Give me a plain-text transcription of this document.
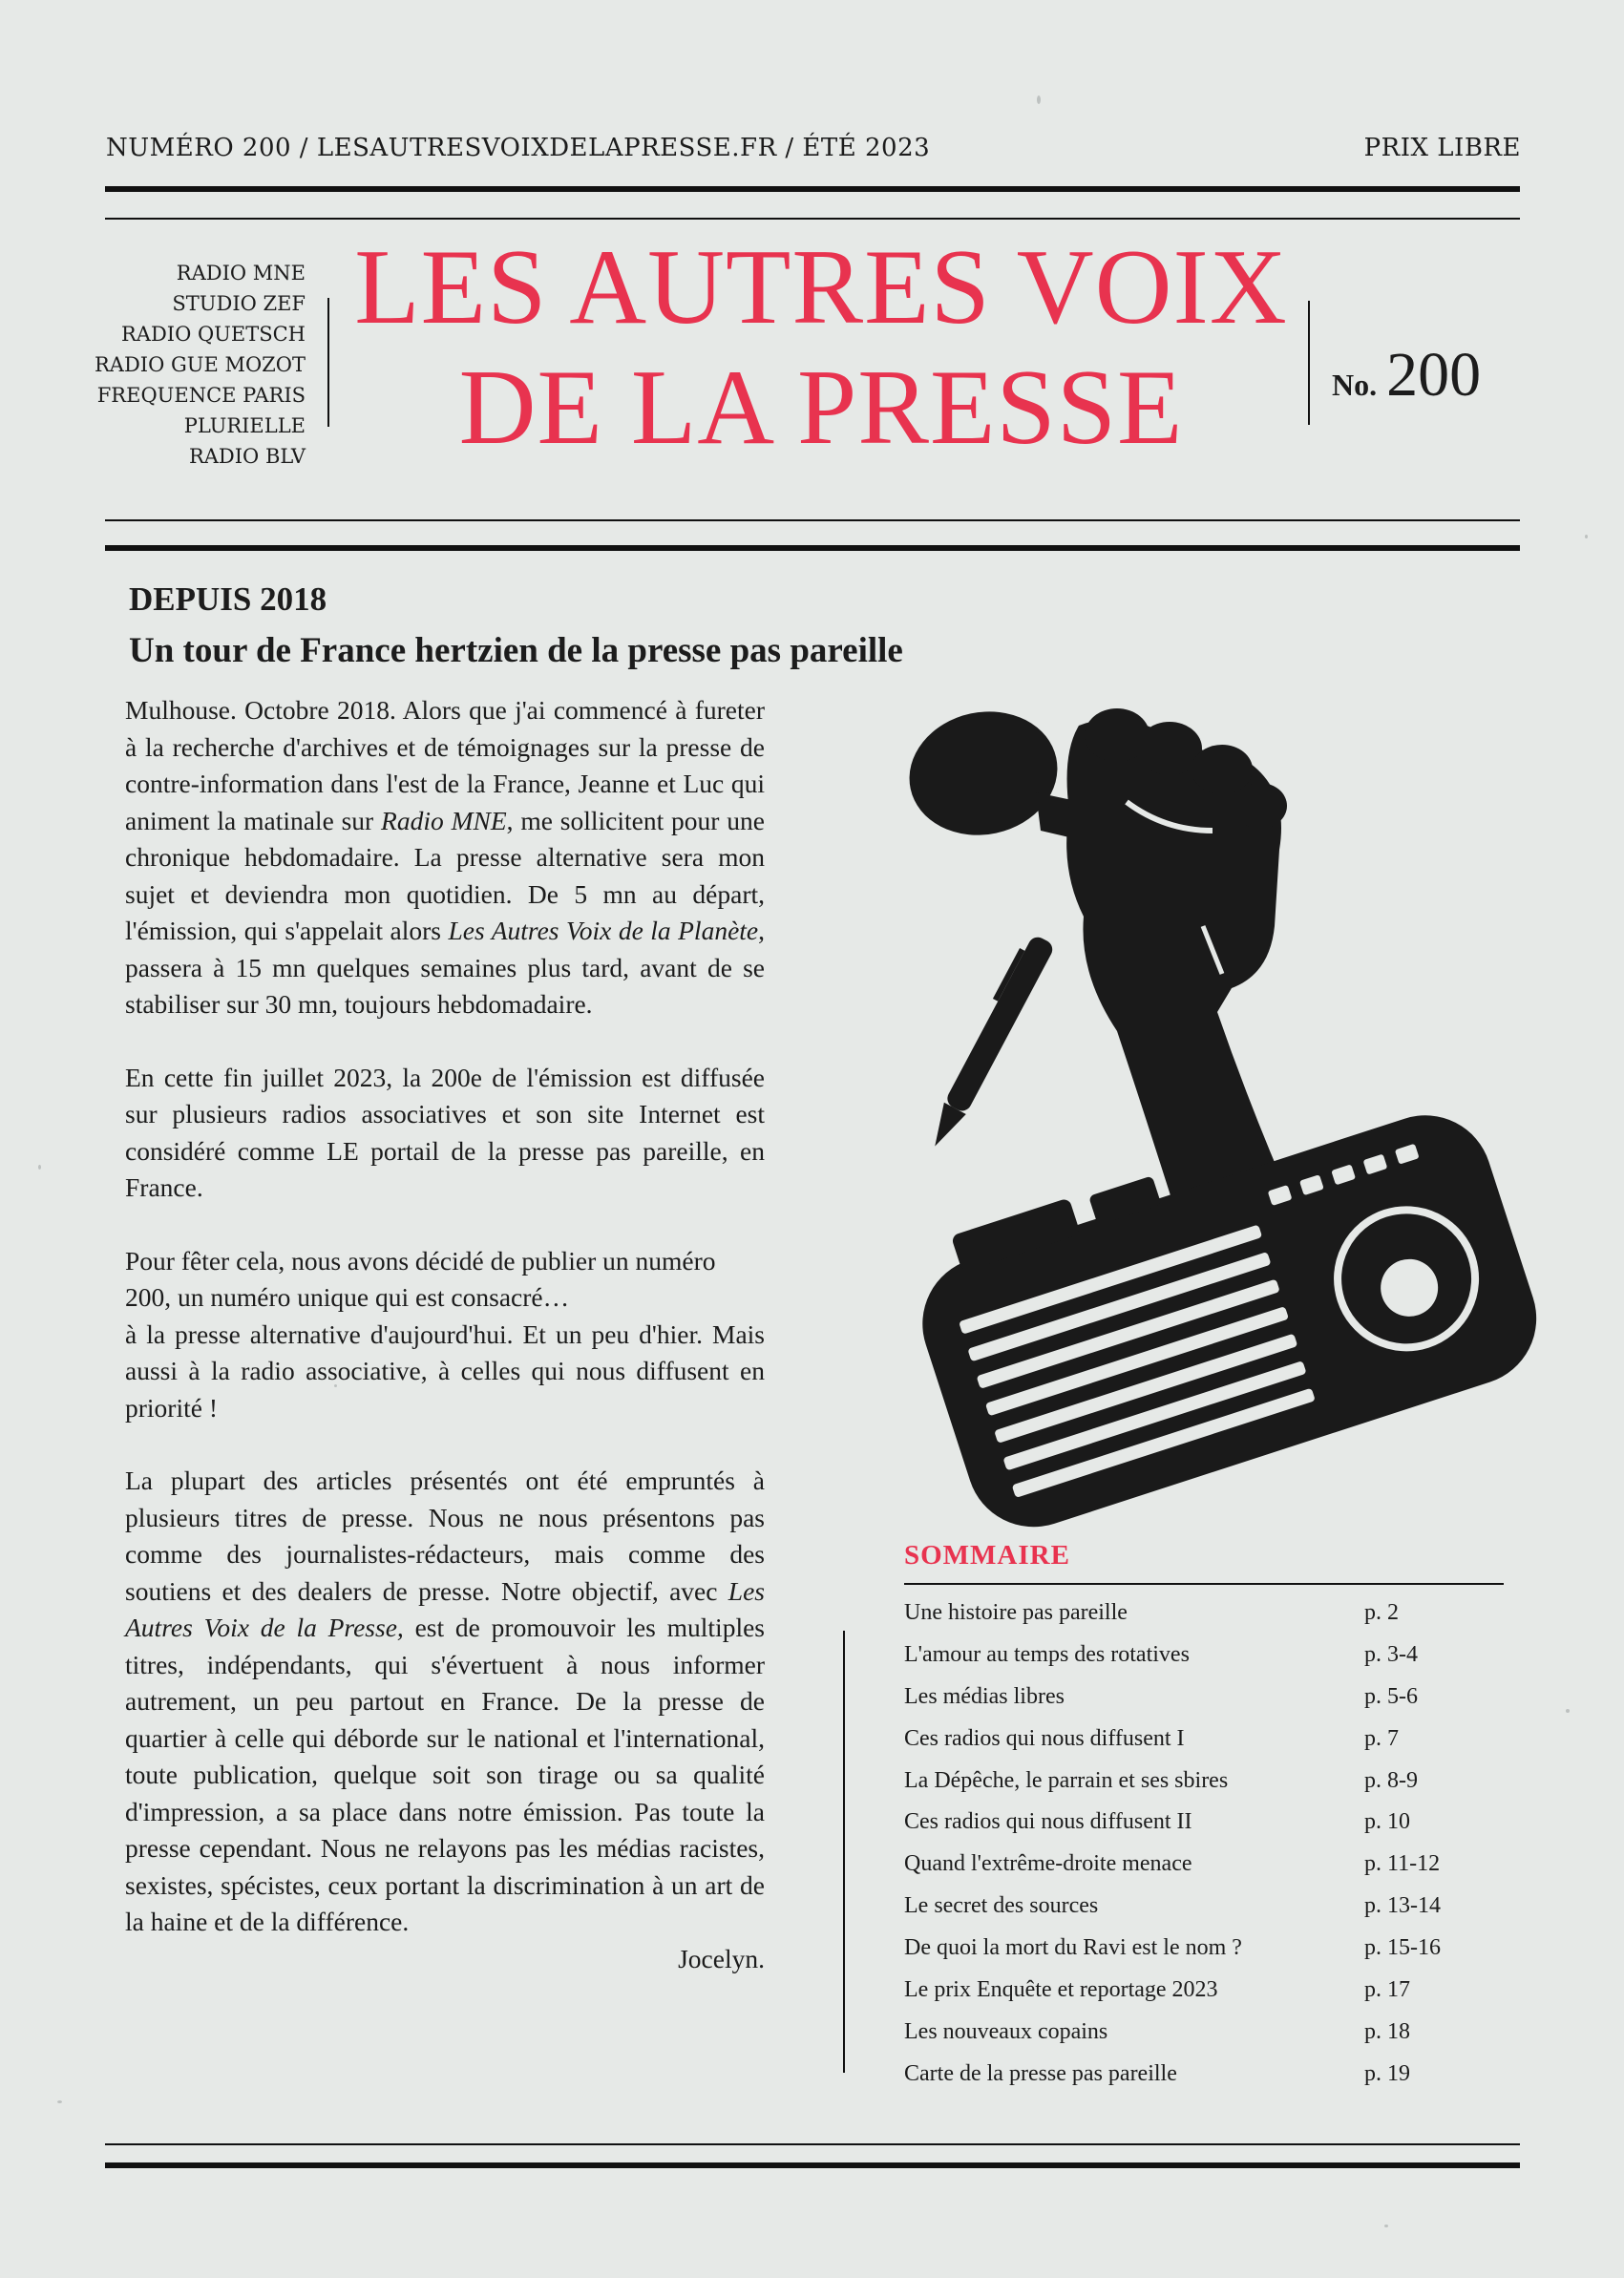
NUMÉRO 200 / LESAUTRESVOIXDELAPRESSE.FR / ÉTÉ 2023	PRIX LIBRE
RADIO MNE
STUDIO ZEF
RADIO QUETSCH
RADIO GUE MOZOT
FREQUENCE PARIS
PLURIELLE
RADIO BLV
LES AUTRES VOIX
DE LA PRESSE	No. 200
DEPUIS 2018
Un tour de France hertzien de la presse pas pareille

Mulhouse. Octobre 2018. Alors que j'ai commencé à fureter à la recherche d'archives et de témoignages sur la presse de contre-information dans l'est de la France, Jeanne et Luc qui animent la matinale sur Radio MNE, me sollicitent pour une chronique hebdomadaire. La presse alternative sera mon sujet et deviendra mon quotidien. De 5 mn au départ, l'émission, qui s'appelait alors Les Autres Voix de la Planète, passera à 15 mn quelques semaines plus tard, avant de se stabiliser sur 30 mn, toujours hebdomadaire.

En cette fin juillet 2023, la 200e de l'émission est diffusée sur plusieurs radios associatives et son site Internet est considéré comme LE portail de la presse pas pareille, en France.

Pour fêter cela, nous avons décidé de publier un numéro 200, un numéro unique qui est consacré…
à la presse alternative d'aujourd'hui. Et un peu d'hier. Mais aussi à la radio associative, à celles qui nous diffusent en priorité !

La plupart des articles présentés ont été empruntés à plusieurs titres de presse. Nous ne nous présentons pas comme des journalistes-rédacteurs, mais comme des soutiens et des dealers de presse. Notre objectif, avec Les Autres Voix de la Presse, est de promouvoir les multiples titres, indépendants, qui s'évertuent à nous informer autrement, un peu partout en France. De la presse de quartier à celle qui déborde sur le national et l'international, toute publication, quelque soit son tirage ou sa qualité d'impression, a sa place dans notre émission. Pas toute la presse cependant. Nous ne relayons pas les médias racistes, sexistes, spécistes, ceux portant la discrimination à un art de la haine et de la différence.

Jocelyn.

SOMMAIRE
Une histoire pas pareille	p. 2
L'amour au temps des rotatives	p. 3-4
Les médias libres	p. 5-6
Ces radios qui nous diffusent I	p. 7
La Dépêche, le parrain et ses sbires	p. 8-9
Ces radios qui nous diffusent II	p. 10
Quand l'extrême-droite menace	p. 11-12
Le secret des sources	p. 13-14
De quoi la mort du Ravi est le nom ?	p. 15-16
Le prix Enquête et reportage 2023	p. 17
Les nouveaux copains	p. 18
Carte de la presse pas pareille	p. 19
